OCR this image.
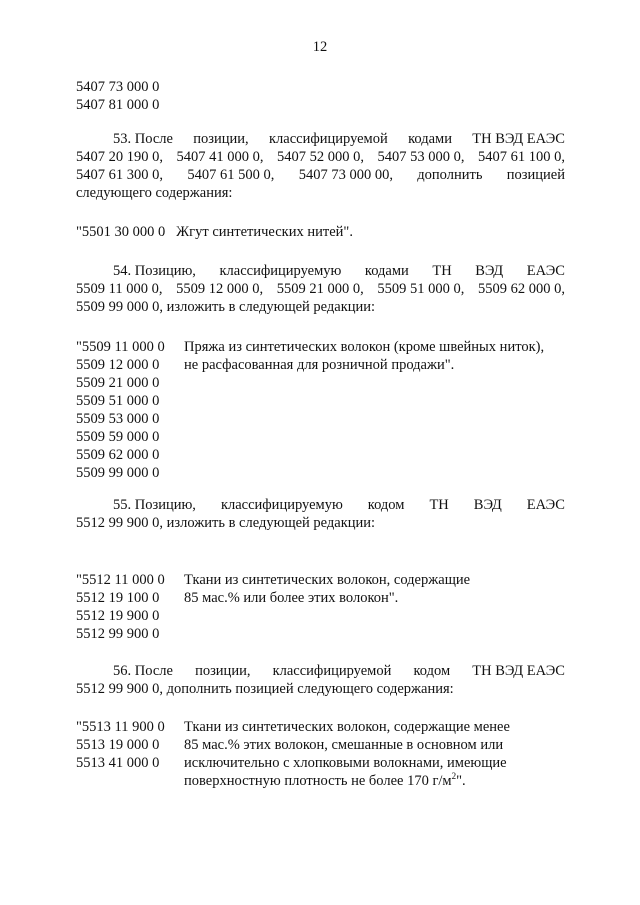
12
5407 73 000 0
5407 81 000 0
53. После позиции, классифицируемой кодами ТН ВЭД ЕАЭС
5407 20 190 0, 5407 41 000 0, 5407 52 000 0, 5407 53 000 0, 5407 61 100 0,
5407 61 300 0, 5407 61 500 0, 5407 73 000 00, дополнить позицией
следующего содержания:
"5501 30 000 0   Жгут синтетических нитей".
54. Позицию, классифицируемую кодами ТН ВЭД ЕАЭС
5509 11 000 0, 5509 12 000 0, 5509 21 000 0, 5509 51 000 0, 5509 62 000 0,
5509 99 000 0, изложить в следующей редакции:
"5509 11 000 0
5509 12 000 0
5509 21 000 0
5509 51 000 0
5509 53 000 0
5509 59 000 0
5509 62 000 0
5509 99 000 0
Пряжа из синтетических волокон (кроме швейных ниток),
не расфасованная для розничной продажи".
55. Позицию, классифицируемую кодом ТН ВЭД ЕАЭС
5512 99 900 0, изложить в следующей редакции:
"5512 11 000 0
5512 19 100 0
5512 19 900 0
5512 99 900 0
Ткани из синтетических волокон, содержащие
85 мас.% или более этих волокон".
56. После позиции, классифицируемой кодом ТН ВЭД ЕАЭС
5512 99 900 0, дополнить позицией следующего содержания:
"5513 11 900 0
5513 19 000 0
5513 41 000 0
Ткани из синтетических волокон, содержащие менее
85 мас.% этих волокон, смешанные в основном или
исключительно с хлопковыми волокнами, имеющие
поверхностную плотность не более 170 $г/м^2$".
